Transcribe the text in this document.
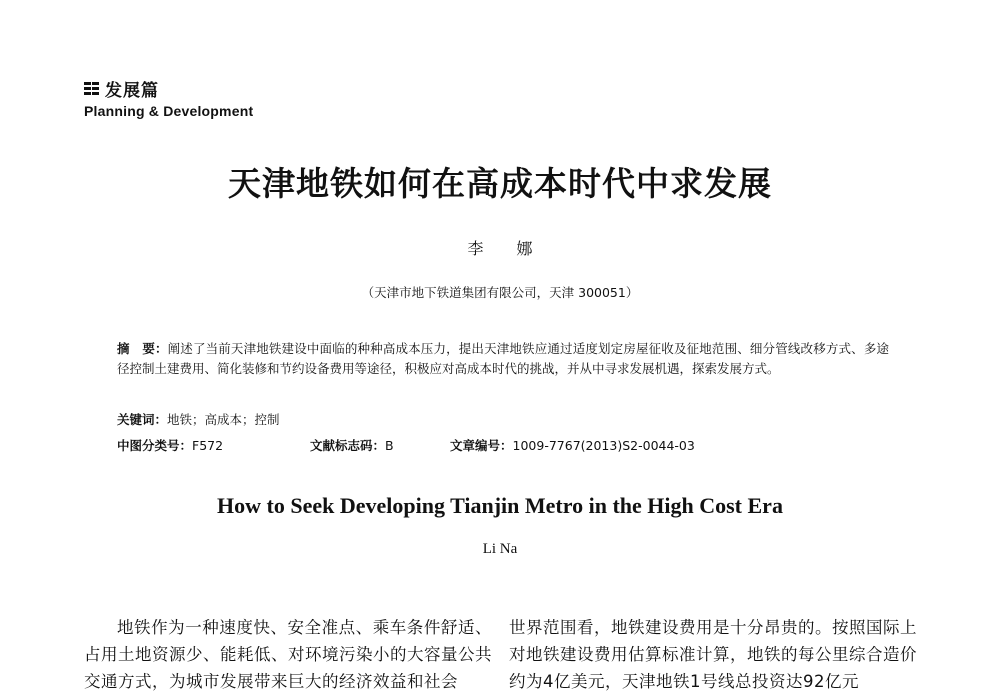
发展篇
Planning & Development
天津地铁如何在高成本时代中求发展
李 娜
（天津市地下铁道集团有限公司，天津 300051）
摘　要：阐述了当前天津地铁建设中面临的种种高成本压力，提出天津地铁应通过适度划定房屋征收及征地范围、细分管线改移方式、多途径控制土建费用、简化装修和节约设备费用等途径，积极应对高成本时代的挑战，并从中寻求发展机遇，探索发展方式。
关键词：地铁；高成本；控制
中图分类号：F572	文献标志码：B	文章编号：1009-7767(2013)S2-0044-03
How to Seek Developing Tianjin Metro in the High Cost Era
Li Na

地铁作为一种速度快、安全准点、乘车条件舒适、占用土地资源少、能耗低、对环境污染小的大容量公共交通方式，为城市发展带来巨大的经济效益和社会

世界范围看，地铁建设费用是十分昂贵的。按照国际上对地铁建设费用估算标准计算，地铁的每公里综合造价约为4亿美元，天津地铁1号线总投资达92亿元
